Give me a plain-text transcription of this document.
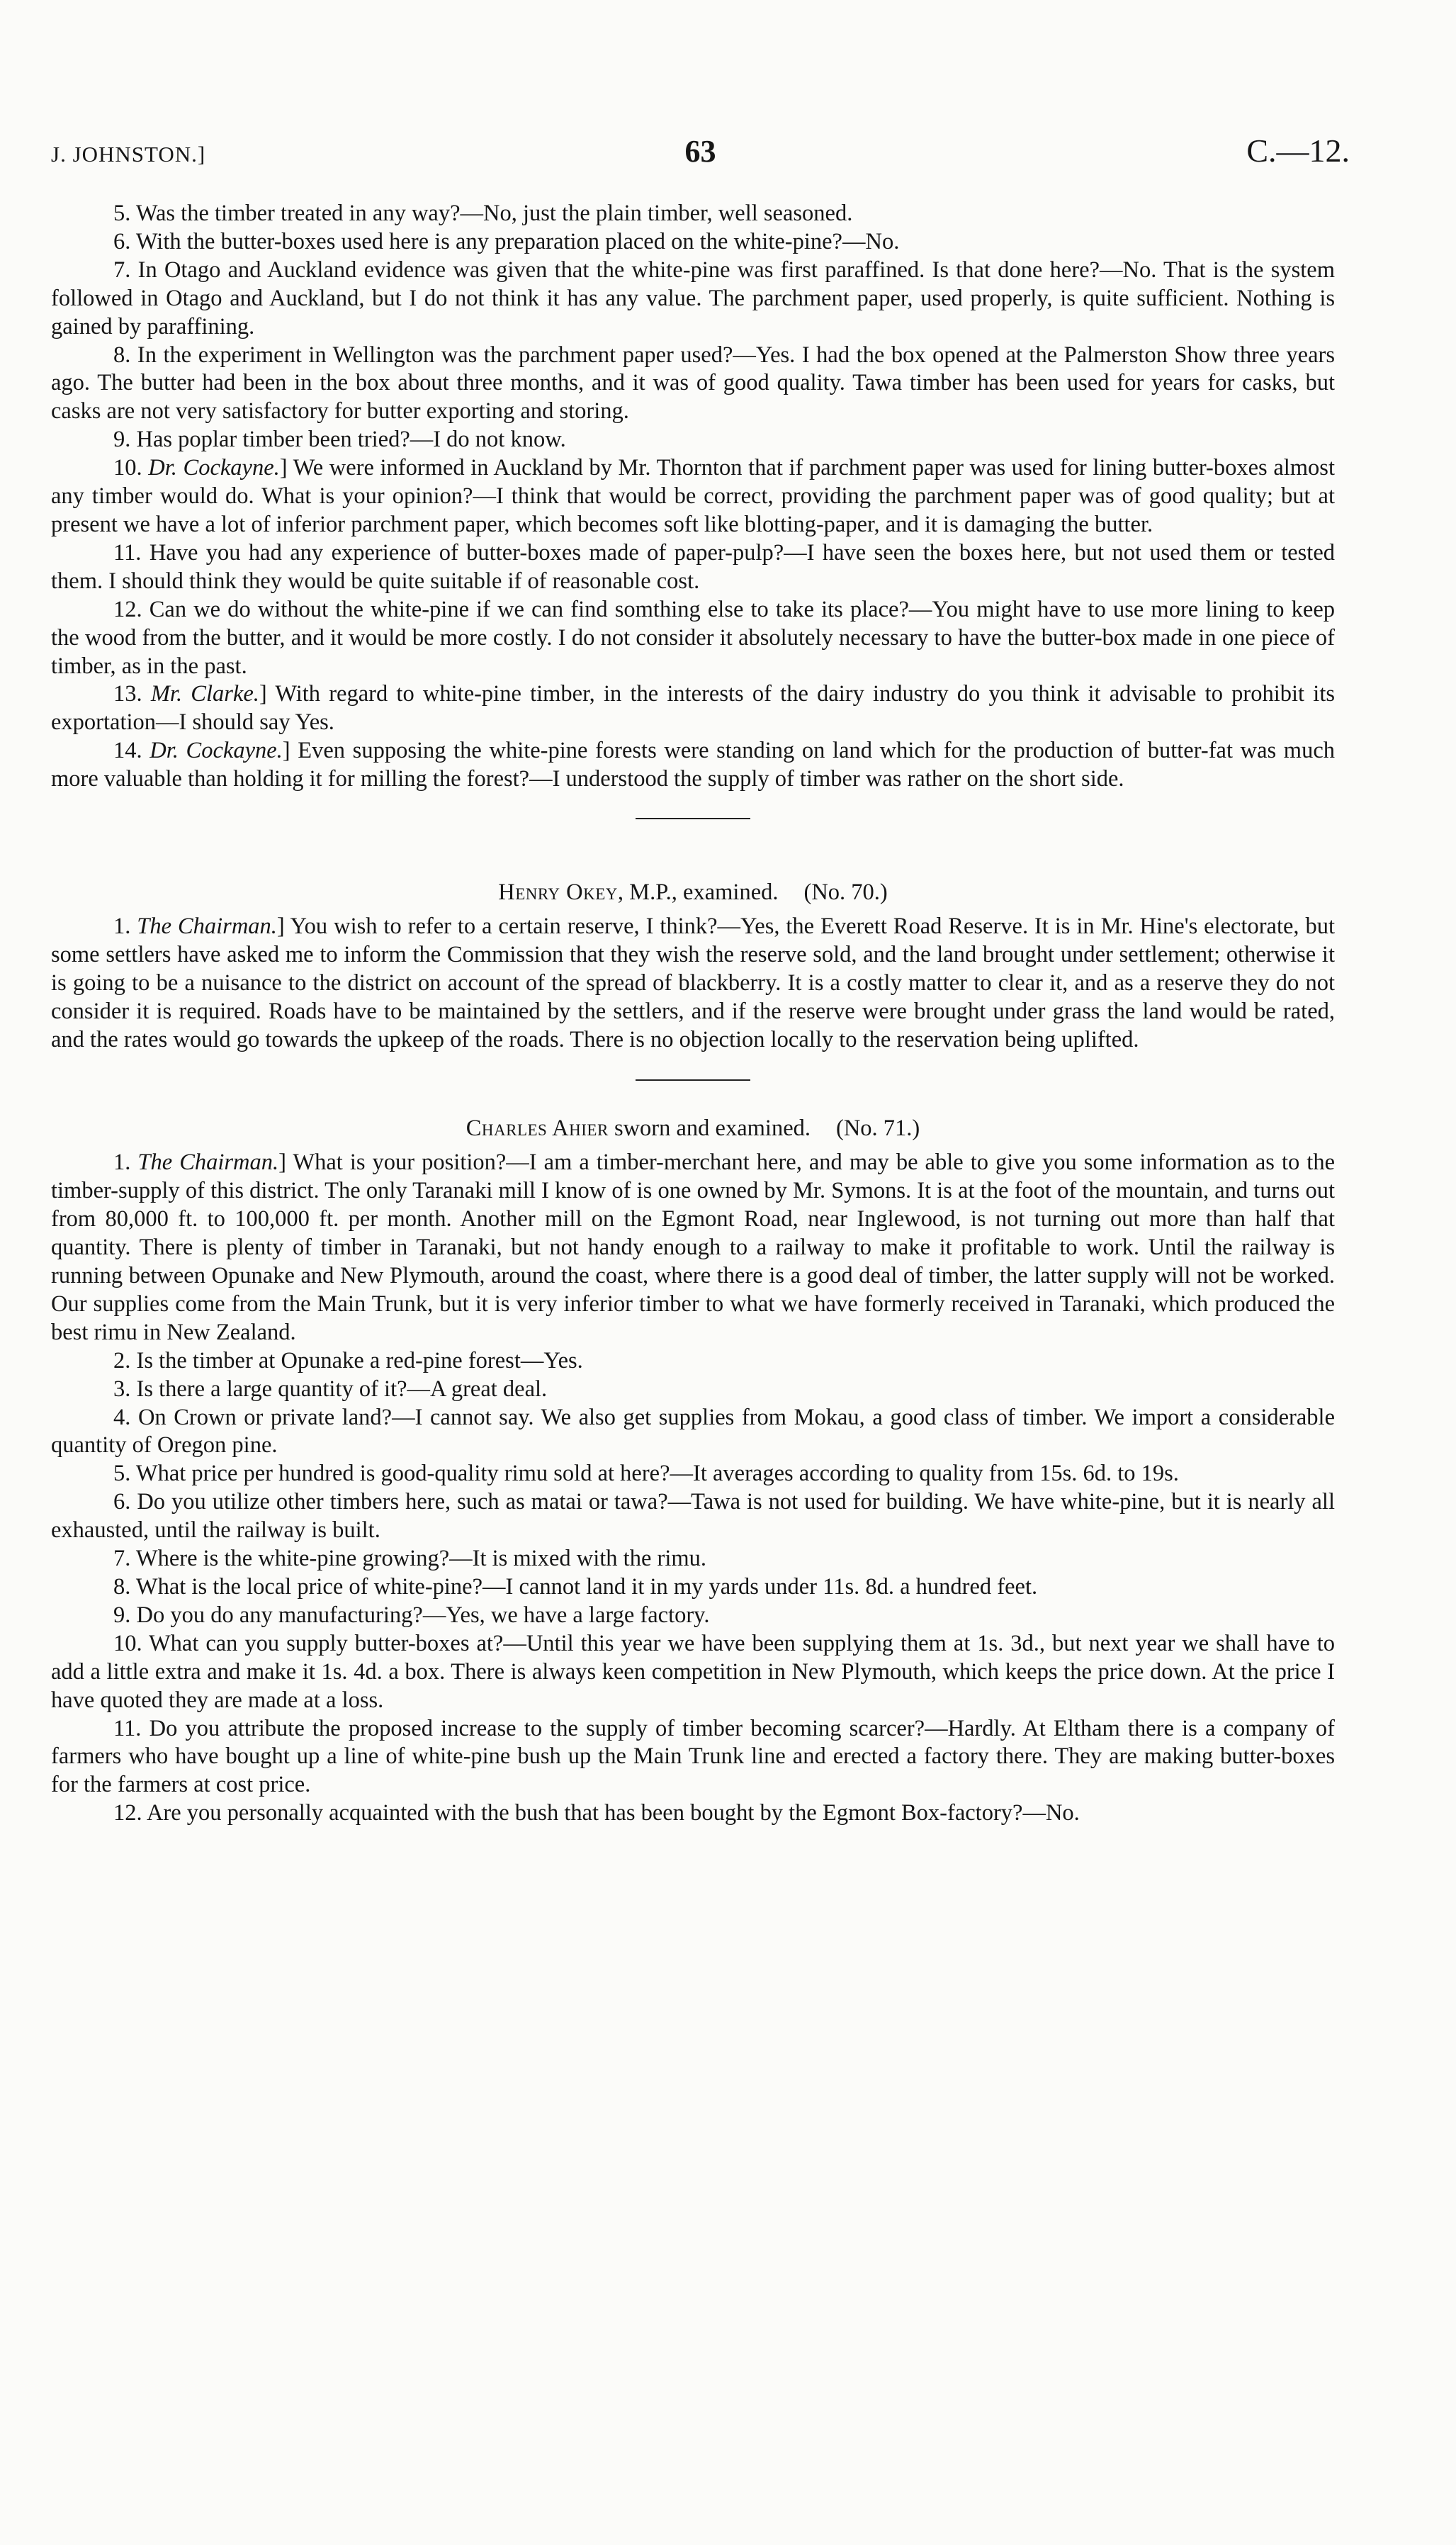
J. JOHNSTON.]	63	C.—12.

5. Was the timber treated in any way?—No, just the plain timber, well seasoned.

6. With the butter-boxes used here is any preparation placed on the white-pine?—No.

7. In Otago and Auckland evidence was given that the white-pine was first paraffined. Is that done here?—No. That is the system followed in Otago and Auckland, but I do not think it has any value. The parchment paper, used properly, is quite sufficient. Nothing is gained by paraffining.

8. In the experiment in Wellington was the parchment paper used?—Yes. I had the box opened at the Palmerston Show three years ago. The butter had been in the box about three months, and it was of good quality. Tawa timber has been used for years for casks, but casks are not very satisfactory for butter exporting and storing.

9. Has poplar timber been tried?—I do not know.

10. Dr. Cockayne.] We were informed in Auckland by Mr. Thornton that if parchment paper was used for lining butter-boxes almost any timber would do. What is your opinion?—I think that would be correct, providing the parchment paper was of good quality; but at present we have a lot of inferior parchment paper, which becomes soft like blotting-paper, and it is damaging the butter.

11. Have you had any experience of butter-boxes made of paper-pulp?—I have seen the boxes here, but not used them or tested them. I should think they would be quite suitable if of reasonable cost.

12. Can we do without the white-pine if we can find somthing else to take its place?—You might have to use more lining to keep the wood from the butter, and it would be more costly. I do not consider it absolutely necessary to have the butter-box made in one piece of timber, as in the past.

13. Mr. Clarke.] With regard to white-pine timber, in the interests of the dairy industry do you think it advisable to prohibit its exportation—I should say Yes.

14. Dr. Cockayne.] Even supposing the white-pine forests were standing on land which for the production of butter-fat was much more valuable than holding it for milling the forest?—I understood the supply of timber was rather on the short side.

Henry Okey, M.P., examined. (No. 70.)

1. The Chairman.] You wish to refer to a certain reserve, I think?—Yes, the Everett Road Reserve. It is in Mr. Hine's electorate, but some settlers have asked me to inform the Commission that they wish the reserve sold, and the land brought under settlement; otherwise it is going to be a nuisance to the district on account of the spread of blackberry. It is a costly matter to clear it, and as a reserve they do not consider it is required. Roads have to be maintained by the settlers, and if the reserve were brought under grass the land would be rated, and the rates would go towards the upkeep of the roads. There is no objection locally to the reservation being uplifted.

Charles Ahier sworn and examined. (No. 71.)

1. The Chairman.] What is your position?—I am a timber-merchant here, and may be able to give you some information as to the timber-supply of this district. The only Taranaki mill I know of is one owned by Mr. Symons. It is at the foot of the mountain, and turns out from 80,000 ft. to 100,000 ft. per month. Another mill on the Egmont Road, near Inglewood, is not turning out more than half that quantity. There is plenty of timber in Taranaki, but not handy enough to a railway to make it profitable to work. Until the railway is running between Opunake and New Plymouth, around the coast, where there is a good deal of timber, the latter supply will not be worked. Our supplies come from the Main Trunk, but it is very inferior timber to what we have formerly received in Taranaki, which produced the best rimu in New Zealand.

2. Is the timber at Opunake a red-pine forest—Yes.

3. Is there a large quantity of it?—A great deal.

4. On Crown or private land?—I cannot say. We also get supplies from Mokau, a good class of timber. We import a considerable quantity of Oregon pine.

5. What price per hundred is good-quality rimu sold at here?—It averages according to quality from 15s. 6d. to 19s.

6. Do you utilize other timbers here, such as matai or tawa?—Tawa is not used for building. We have white-pine, but it is nearly all exhausted, until the railway is built.

7. Where is the white-pine growing?—It is mixed with the rimu.

8. What is the local price of white-pine?—I cannot land it in my yards under 11s. 8d. a hundred feet.

9. Do you do any manufacturing?—Yes, we have a large factory.

10. What can you supply butter-boxes at?—Until this year we have been supplying them at 1s. 3d., but next year we shall have to add a little extra and make it 1s. 4d. a box. There is always keen competition in New Plymouth, which keeps the price down. At the price I have quoted they are made at a loss.

11. Do you attribute the proposed increase to the supply of timber becoming scarcer?—Hardly. At Eltham there is a company of farmers who have bought up a line of white-pine bush up the Main Trunk line and erected a factory there. They are making butter-boxes for the farmers at cost price.

12. Are you personally acquainted with the bush that has been bought by the Egmont Box-factory?—No.
